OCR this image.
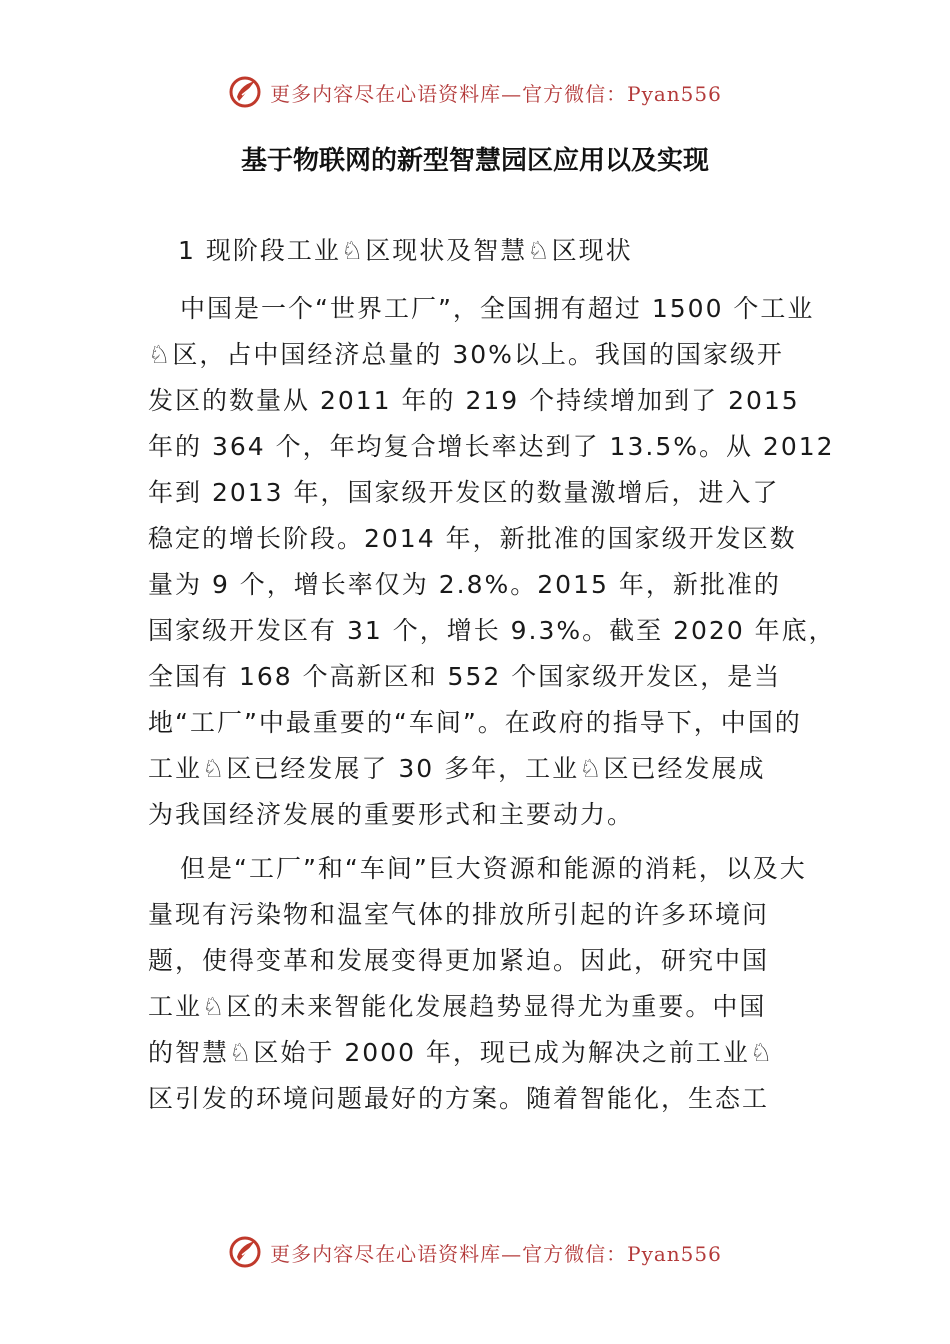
更多内容尽在心语资料库—官方微信：Pyan556
基于物联网的新型智慧园区应用以及实现
1 现阶段工业♘区现状及智慧♘区现状

中国是一个“世界工厂”，全国拥有超过 1500 个工业
♘区，占中国经济总量的 30%以上。我国的国家级开
发区的数量从 2011 年的 219 个持续增加到了 2015
年的 364 个，年均复合增长率达到了 13.5%。从 2012
年到 2013 年，国家级开发区的数量激增后，进入了
稳定的增长阶段。2014 年，新批准的国家级开发区数
量为 9 个，增长率仅为 2.8%。2015 年，新批准的
国家级开发区有 31 个，增长 9.3%。截至 2020 年底，
全国有 168 个高新区和 552 个国家级开发区，是当
地“工厂”中最重要的“车间”。在政府的指导下，中国的
工业♘区已经发展了 30 多年，工业♘区已经发展成
为我国经济发展的重要形式和主要动力。

但是“工厂”和“车间”巨大资源和能源的消耗，以及大
量现有污染物和温室气体的排放所引起的许多环境问
题，使得变革和发展变得更加紧迫。因此，研究中国
工业♘区的未来智能化发展趋势显得尤为重要。中国
的智慧♘区始于 2000 年，现已成为解决之前工业♘
区引发的环境问题最好的方案。随着智能化，生态工

更多内容尽在心语资料库—官方微信：Pyan556
